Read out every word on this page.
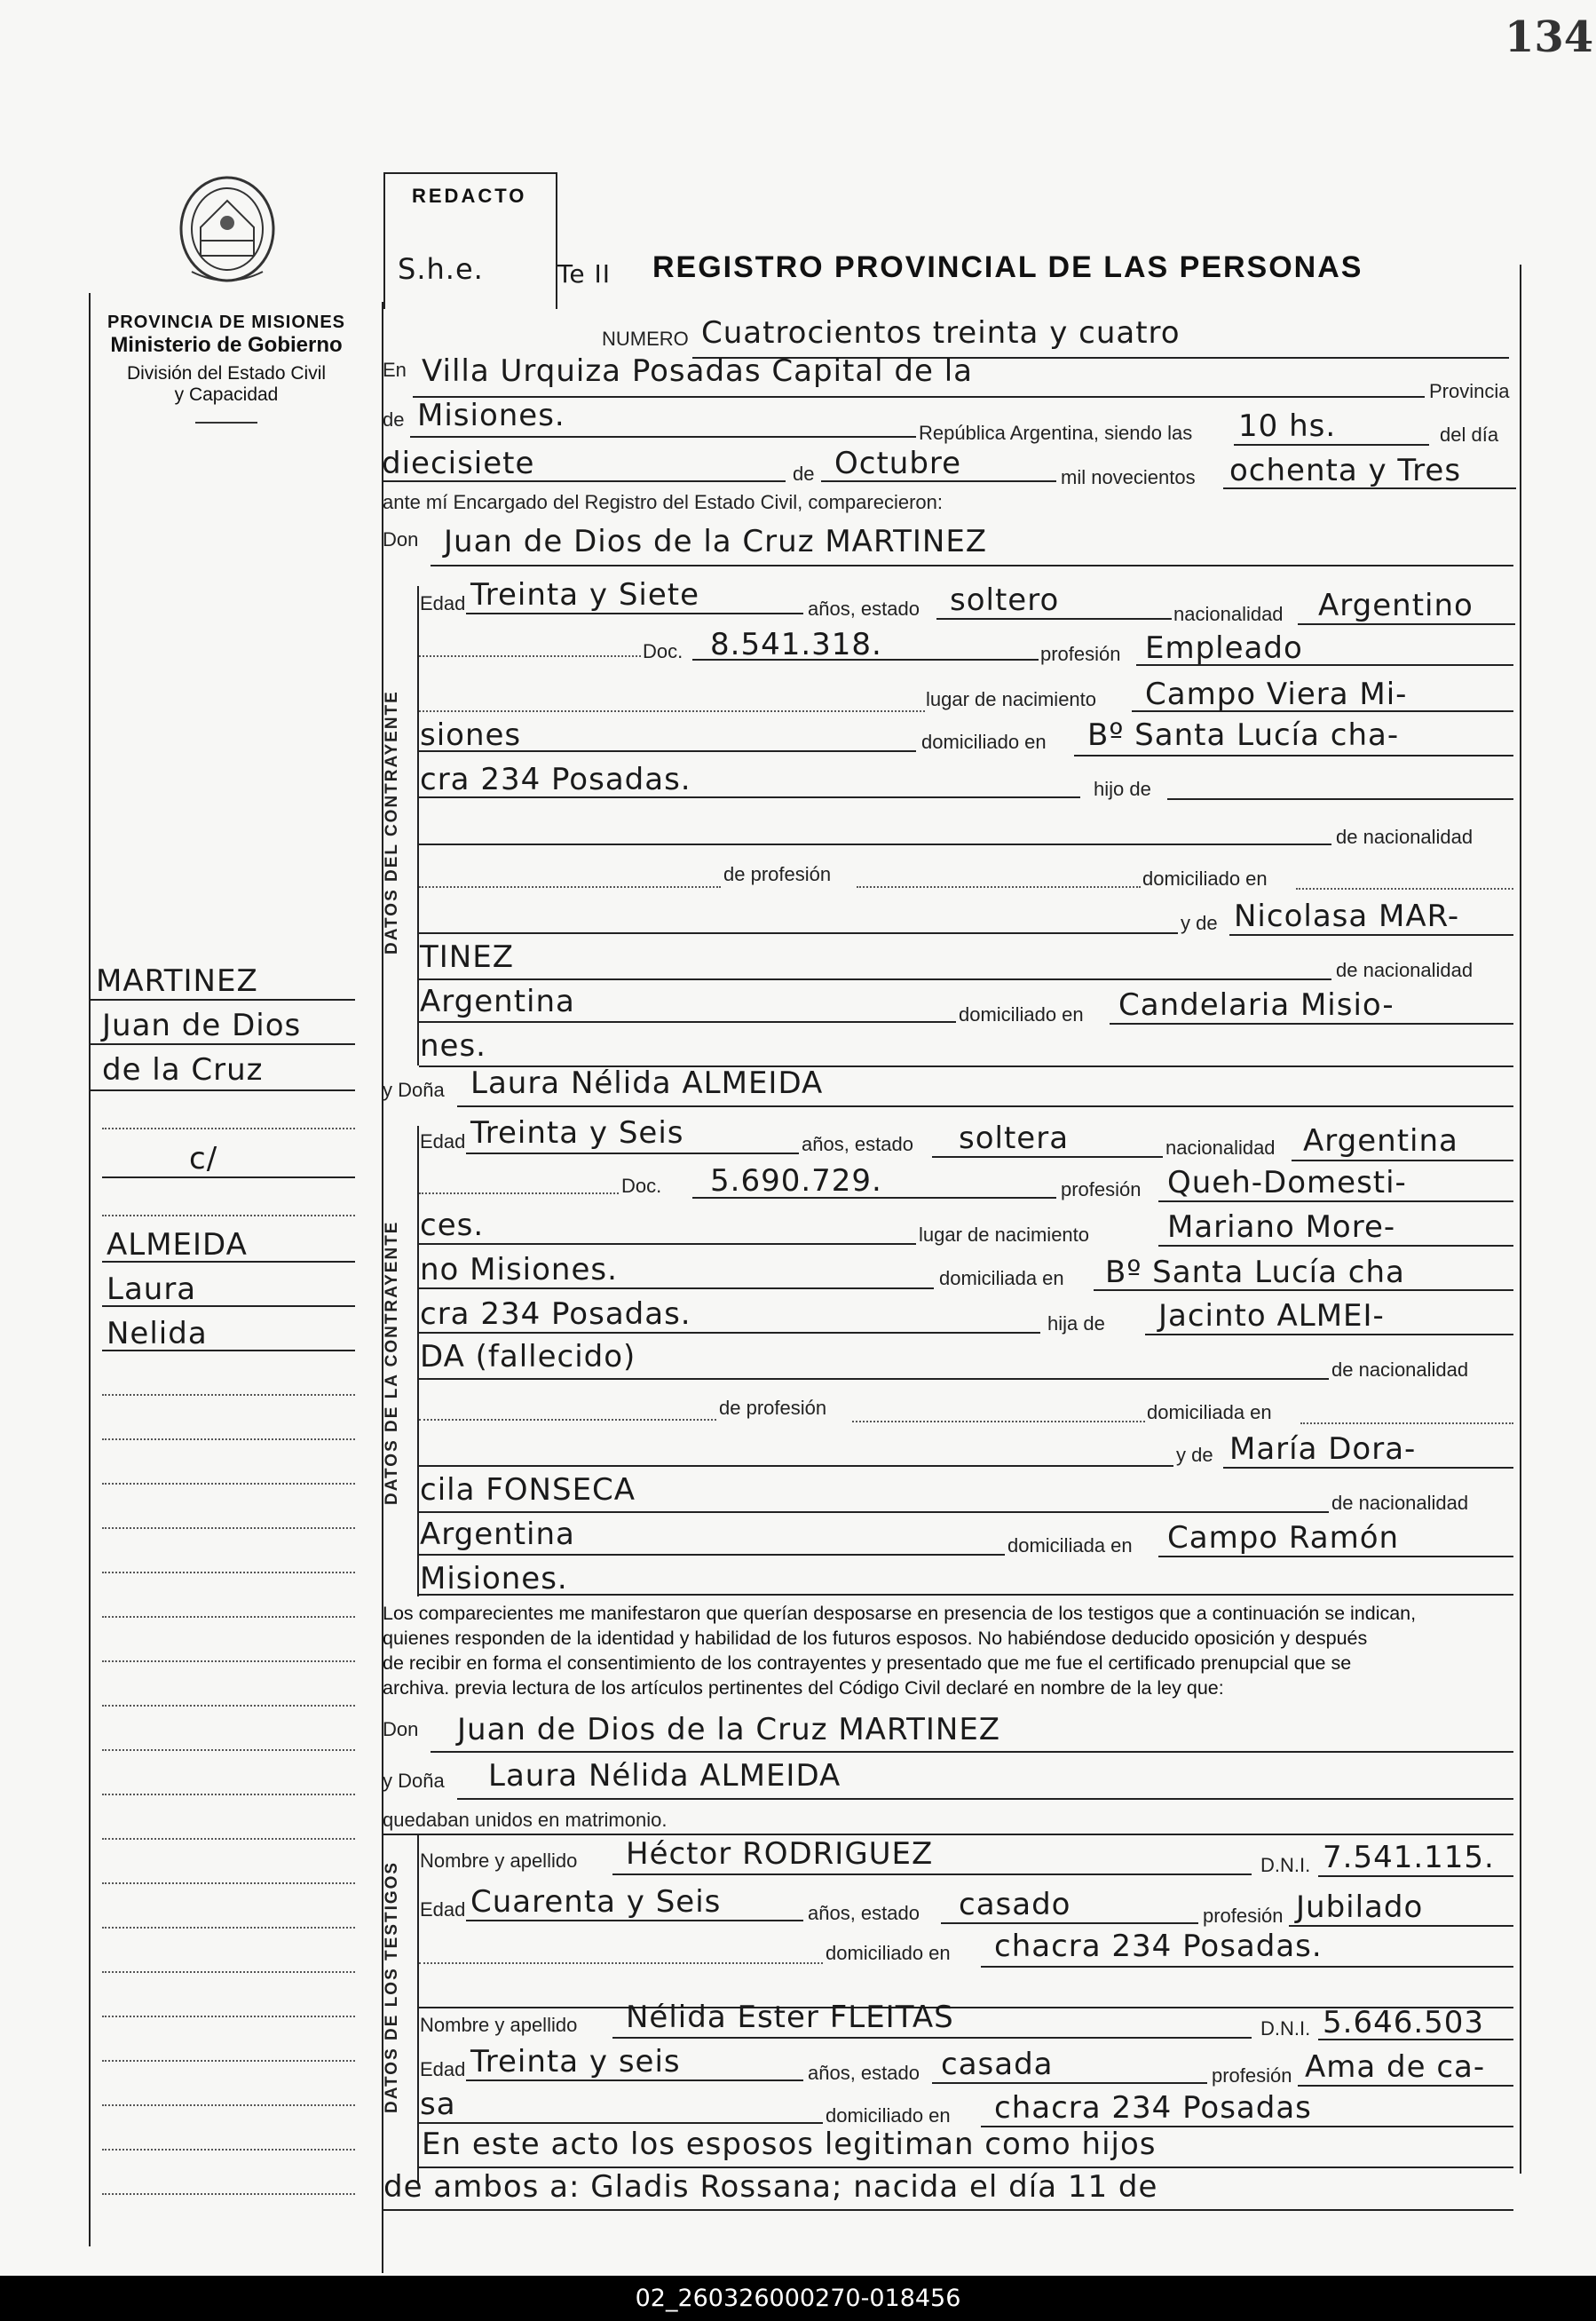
134
PROVINCIA DE MISIONES
Ministerio de Gobierno
División del Estado Civil
y Capacidad
REDACTO
S.h.e.	Te II REGISTRO PROVINCIAL DE LAS PERSONAS
NUMERO Cuatrocientos treinta y cuatro
En Villa Urquiza Posadas Capital de la
Provincia
de Misiones.	República Argentina, siendo las 10 hs.	del día
diecisiete	de Octubre	mil novecientos ochenta y Tres
ante mí Encargado del Registro del Estado Civil, comparecieron:
Don Juan de Dios de la Cruz MARTINEZ
DATOS DEL CONTRAYENTE
Edad Treinta y Siete	años, estado soltero	nacionalidad Argentino
Doc. 8.541.318.	profesión Empleado
lugar de nacimiento Campo Viera Mi-
siones	domiciliado en Bº Santa Lucía cha-
cra 234 Posadas.	hijo de
de nacionalidad
de profesión	domiciliado en
y de Nicolasa MAR-
TINEZ	de nacionalidad
Argentina	domiciliado en Candelaria Misio-
nes.
y Doña Laura Nélida ALMEIDA
DATOS DE LA CONTRAYENTE
Edad Treinta y Seis	años, estado soltera	nacionalidad Argentina
Doc. 5.690.729.	profesión Queh-Domesti-
ces.	lugar de nacimiento	Mariano More-
no Misiones.	domiciliada en Bº Santa Lucía cha
cra 234 Posadas.	hija de Jacinto ALMEI-
DA (fallecido)	de nacionalidad
de profesión	domiciliada en
y de María Dora-
cila FONSECA	de nacionalidad
Argentina	domiciliada en Campo Ramón
Misiones.
Los comparecientes me manifestaron que querían desposarse en presencia de los testigos que a continuación se indican,
quienes responden de la identidad y habilidad de los futuros esposos. No habiéndose deducido oposición y después
de recibir en forma el consentimiento de los contrayentes y presentado que me fue el certificado prenupcial que se
archiva. previa lectura de los artículos pertinentes del Código Civil declaré en nombre de la ley que:
Don Juan de Dios de la Cruz MARTINEZ
y Doña Laura Nélida ALMEIDA
quedaban unidos en matrimonio.
DATOS DE LOS TESTIGOS
Nombre y apellido Héctor RODRIGUEZ	D.N.I. 7.541.115.
Edad Cuarenta y Seis	años, estado casado	profesión Jubilado
domiciliado en chacra 234 Posadas.
Nombre y apellido Nélida Ester FLEITAS	D.N.I. 5.646.503
Edad Treinta y seis	años, estado casada	profesión Ama de ca-
sa	domiciliado en chacra 234 Posadas
En este acto los esposos legitiman como hijos
de ambos a: Gladis Rossana; nacida el día 11 de
MARTINEZ
Juan de Dios
de la Cruz
c/
ALMEIDA
Laura
Nelida
02_260326000270-018456
